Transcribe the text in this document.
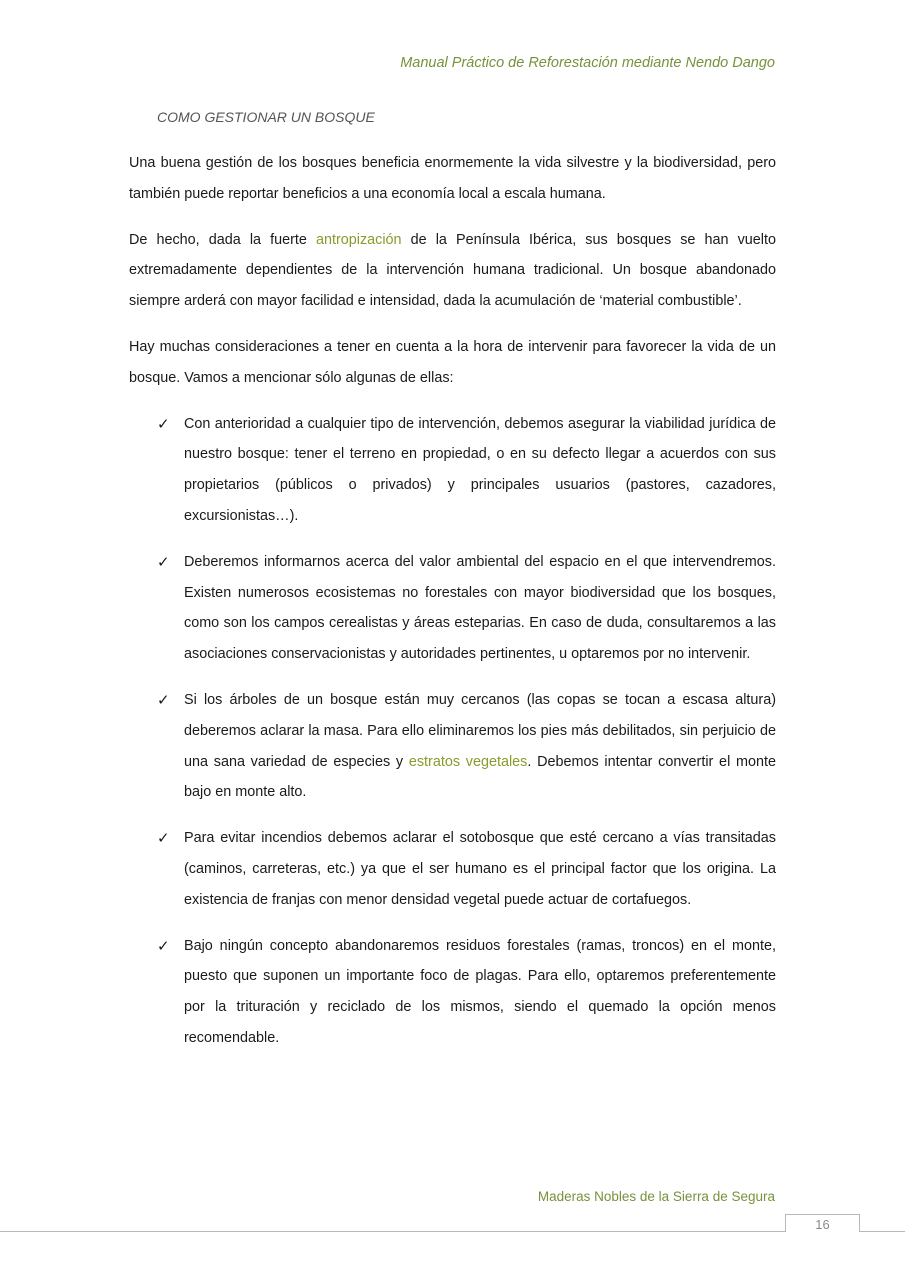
Manual Práctico de Reforestación mediante Nendo Dango
COMO GESTIONAR UN BOSQUE

Una buena gestión de los bosques beneficia enormemente la vida silvestre y la biodiversidad, pero también puede reportar beneficios a una economía local a escala humana.

De hecho, dada la fuerte antropización de la Península Ibérica, sus bosques se han vuelto extremadamente dependientes de la intervención humana tradicional. Un bosque abandonado siempre arderá con mayor facilidad e intensidad, dada la acumulación de ‘material combustible’.

Hay muchas consideraciones a tener en cuenta a la hora de intervenir para favorecer la vida de un bosque. Vamos a mencionar sólo algunas de ellas:

✓ Con anterioridad a cualquier tipo de intervención, debemos asegurar la viabilidad jurídica de nuestro bosque: tener el terreno en propiedad, o en su defecto llegar a acuerdos con sus propietarios (públicos o privados) y principales usuarios (pastores, cazadores, excursionistas…).

✓ Deberemos informarnos acerca del valor ambiental del espacio en el que intervendremos. Existen numerosos ecosistemas no forestales con mayor biodiversidad que los bosques, como son los campos cerealistas y áreas esteparias. En caso de duda, consultaremos a las asociaciones conservacionistas y autoridades pertinentes, u optaremos por no intervenir.

✓ Si los árboles de un bosque están muy cercanos (las copas se tocan a escasa altura) deberemos aclarar la masa. Para ello eliminaremos los pies más debilitados, sin perjuicio de una sana variedad de especies y estratos vegetales. Debemos intentar convertir el monte bajo en monte alto.

✓ Para evitar incendios debemos aclarar el sotobosque que esté cercano a vías transitadas (caminos, carreteras, etc.) ya que el ser humano es el principal factor que los origina. La existencia de franjas con menor densidad vegetal puede actuar de cortafuegos.

✓ Bajo ningún concepto abandonaremos residuos forestales (ramas, troncos) en el monte, puesto que suponen un importante foco de plagas. Para ello, optaremos preferentemente por la trituración y reciclado de los mismos, siendo el quemado la opción menos recomendable.

Maderas Nobles de la Sierra de Segura
16
